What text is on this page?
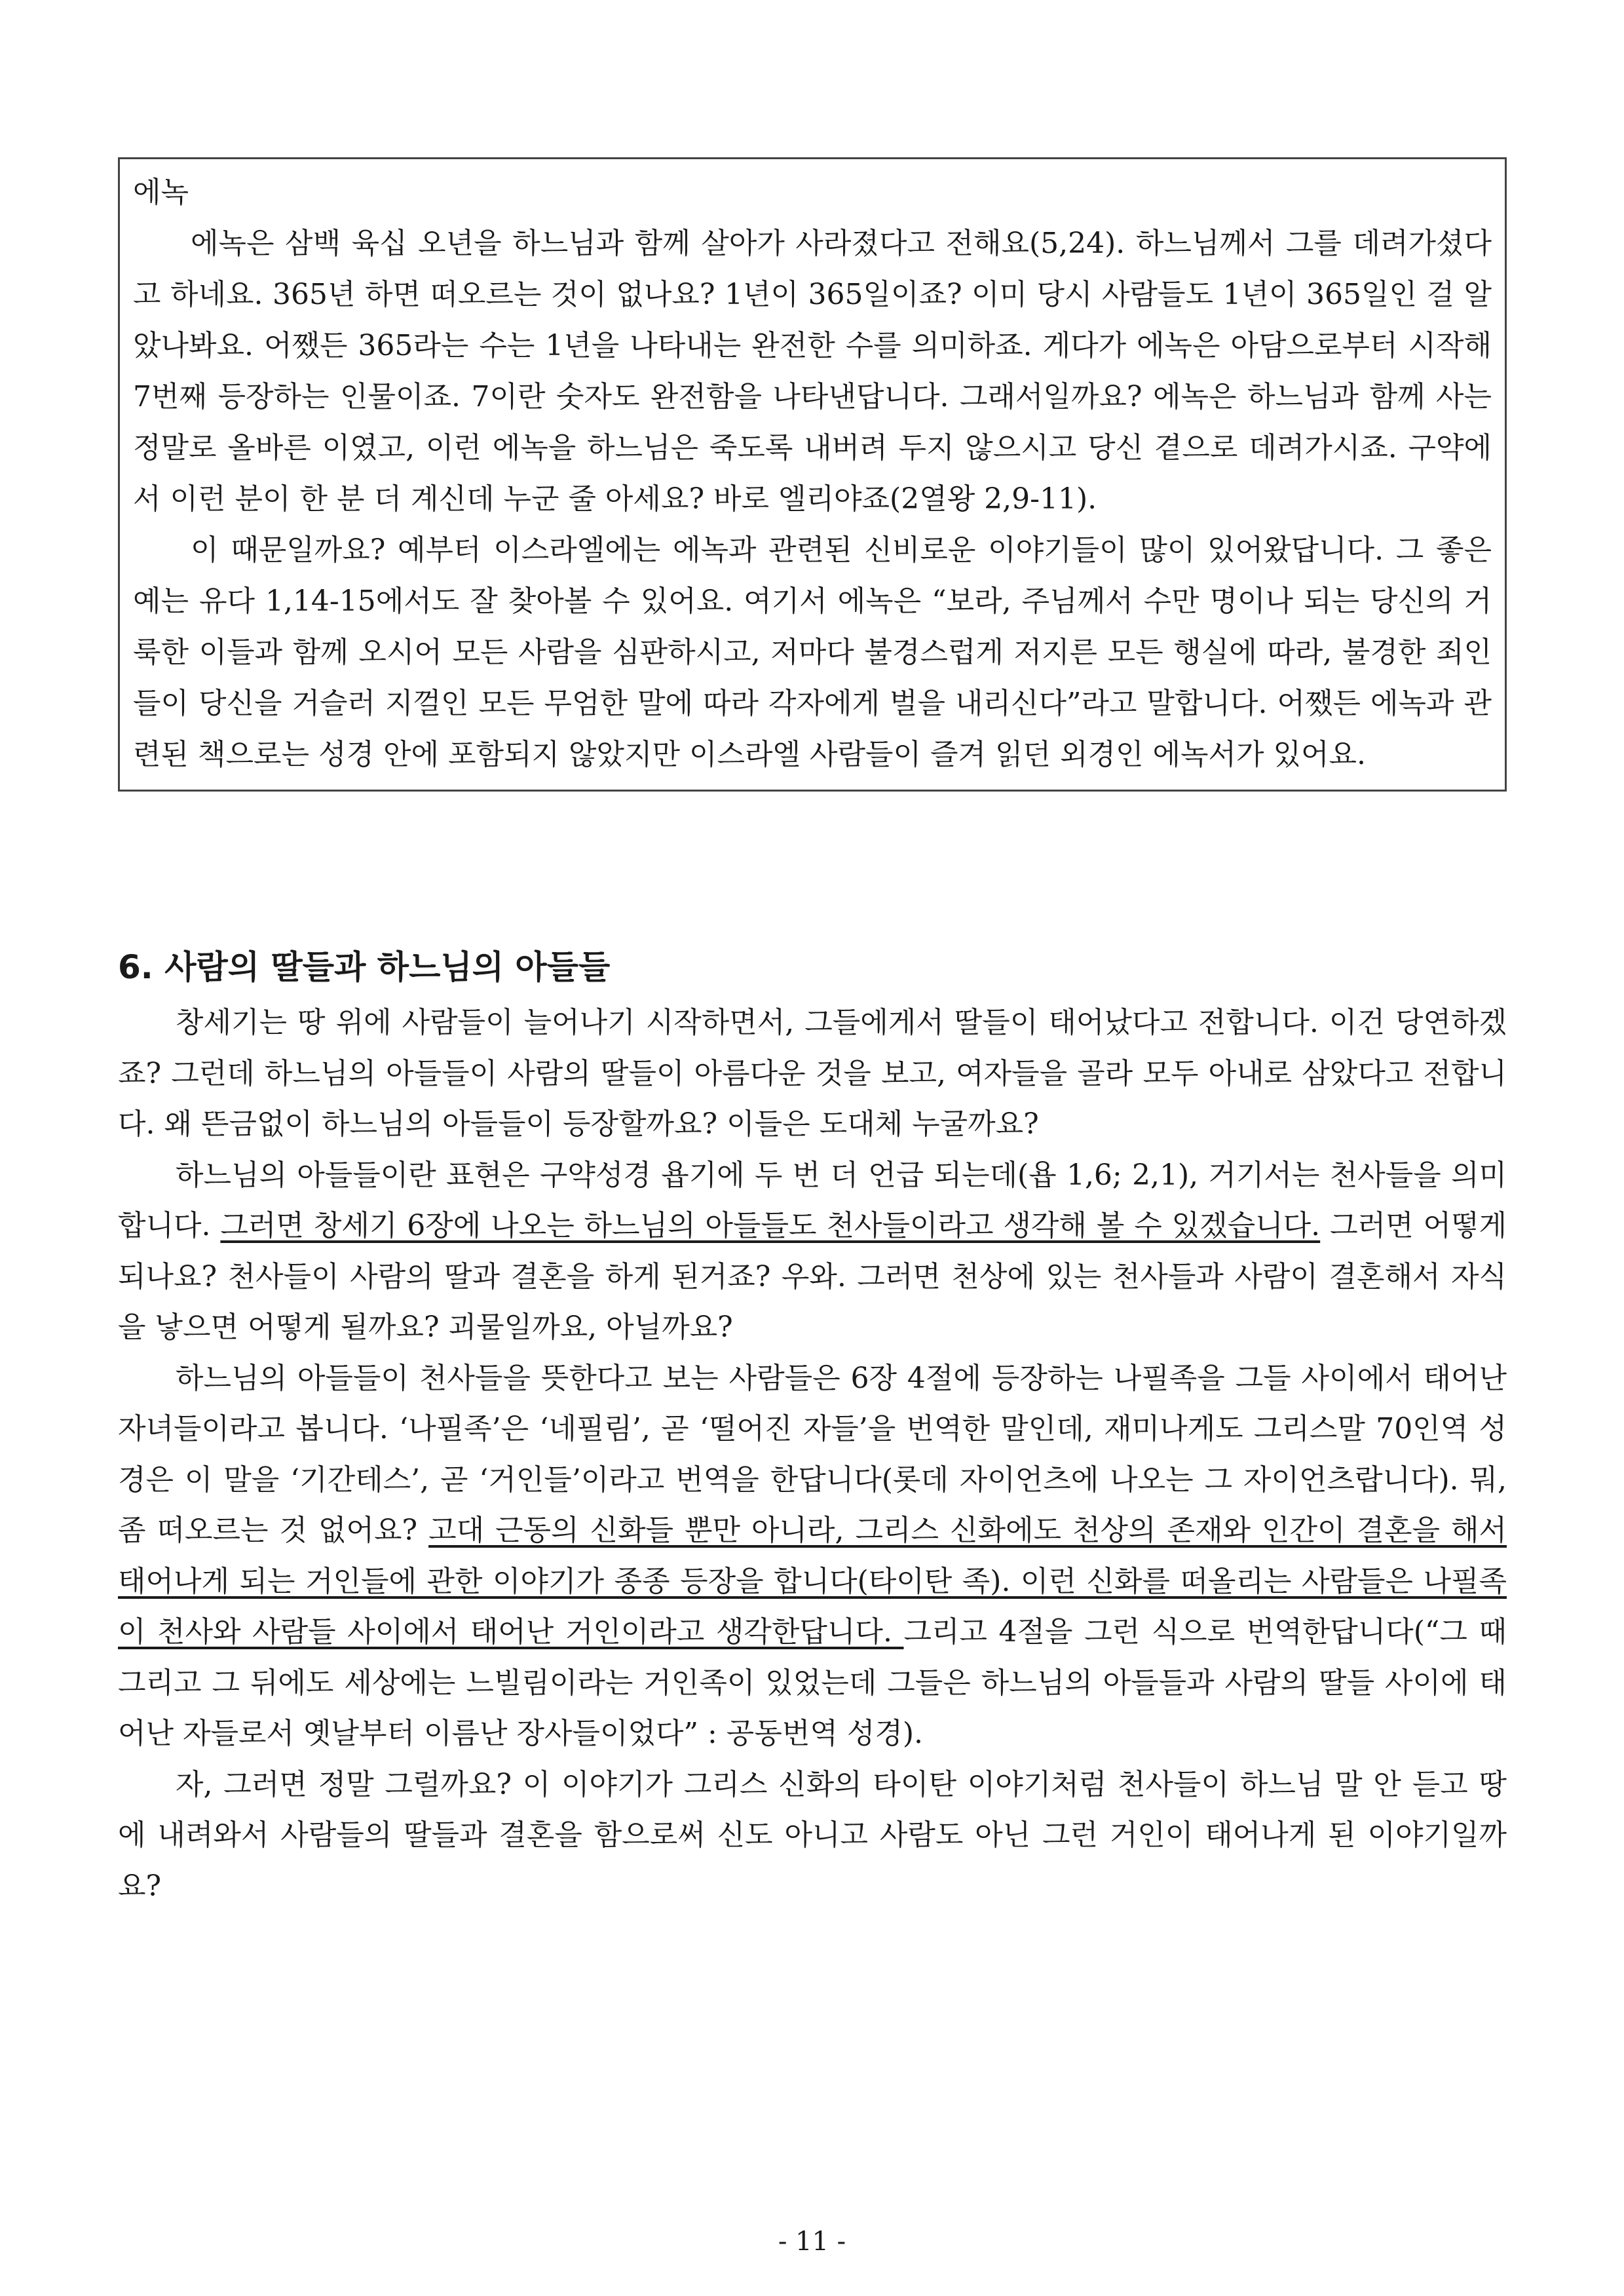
에녹

에녹은 삼백 육십 오년을 하느님과 함께 살아가 사라졌다고 전해요(5,24). 하느님께서 그를 데려가셨다고 하네요. 365년 하면 떠오르는 것이 없나요? 1년이 365일이죠? 이미 당시 사람들도 1년이 365일인 걸 알았나봐요. 어쨌든 365라는 수는 1년을 나타내는 완전한 수를 의미하죠. 게다가 에녹은 아담으로부터 시작해 7번째 등장하는 인물이죠. 7이란 숫자도 완전함을 나타낸답니다. 그래서일까요? 에녹은 하느님과 함께 사는 정말로 올바른 이였고, 이런 에녹을 하느님은 죽도록 내버려 두지 않으시고 당신 곁으로 데려가시죠. 구약에서 이런 분이 한 분 더 계신데 누군 줄 아세요? 바로 엘리야죠(2열왕 2,9-11).

이 때문일까요? 예부터 이스라엘에는 에녹과 관련된 신비로운 이야기들이 많이 있어왔답니다. 그 좋은 예는 유다 1,14-15에서도 잘 찾아볼 수 있어요. 여기서 에녹은 “보라, 주님께서 수만 명이나 되는 당신의 거룩한 이들과 함께 오시어 모든 사람을 심판하시고, 저마다 불경스럽게 저지른 모든 행실에 따라, 불경한 죄인들이 당신을 거슬러 지껄인 모든 무엄한 말에 따라 각자에게 벌을 내리신다”라고 말합니다. 어쨌든 에녹과 관련된 책으로는 성경 안에 포함되지 않았지만 이스라엘 사람들이 즐겨 읽던 외경인 에녹서가 있어요.

6. 사람의 딸들과 하느님의 아들들

창세기는 땅 위에 사람들이 늘어나기 시작하면서, 그들에게서 딸들이 태어났다고 전합니다. 이건 당연하겠죠? 그런데 하느님의 아들들이 사람의 딸들이 아름다운 것을 보고, 여자들을 골라 모두 아내로 삼았다고 전합니다. 왜 뜬금없이 하느님의 아들들이 등장할까요? 이들은 도대체 누굴까요?

하느님의 아들들이란 표현은 구약성경 욥기에 두 번 더 언급 되는데(욥 1,6; 2,1), 거기서는 천사들을 의미합니다. 그러면 창세기 6장에 나오는 하느님의 아들들도 천사들이라고 생각해 볼 수 있겠습니다. 그러면 어떻게 되나요? 천사들이 사람의 딸과 결혼을 하게 된거죠? 우와. 그러면 천상에 있는 천사들과 사람이 결혼해서 자식을 낳으면 어떻게 될까요? 괴물일까요, 아닐까요?

하느님의 아들들이 천사들을 뜻한다고 보는 사람들은 6장 4절에 등장하는 나필족을 그들 사이에서 태어난 자녀들이라고 봅니다. ‘나필족’은 ‘네필림’, 곧 ‘떨어진 자들’을 번역한 말인데, 재미나게도 그리스말 70인역 성경은 이 말을 ‘기간테스’, 곧 ‘거인들’이라고 번역을 한답니다(롯데 자이언츠에 나오는 그 자이언츠랍니다). 뭐, 좀 떠오르는 것 없어요? 고대 근동의 신화들 뿐만 아니라, 그리스 신화에도 천상의 존재와 인간이 결혼을 해서 태어나게 되는 거인들에 관한 이야기가 종종 등장을 합니다(타이탄 족). 이런 신화를 떠올리는 사람들은 나필족이 천사와 사람들 사이에서 태어난 거인이라고 생각한답니다. 그리고 4절을 그런 식으로 번역한답니다(“그 때 그리고 그 뒤에도 세상에는 느빌림이라는 거인족이 있었는데 그들은 하느님의 아들들과 사람의 딸들 사이에 태어난 자들로서 옛날부터 이름난 장사들이었다” : 공동번역 성경).

자, 그러면 정말 그럴까요? 이 이야기가 그리스 신화의 타이탄 이야기처럼 천사들이 하느님 말 안 듣고 땅에 내려와서 사람들의 딸들과 결혼을 함으로써 신도 아니고 사람도 아닌 그런 거인이 태어나게 된 이야기일까요?

- 11 -
